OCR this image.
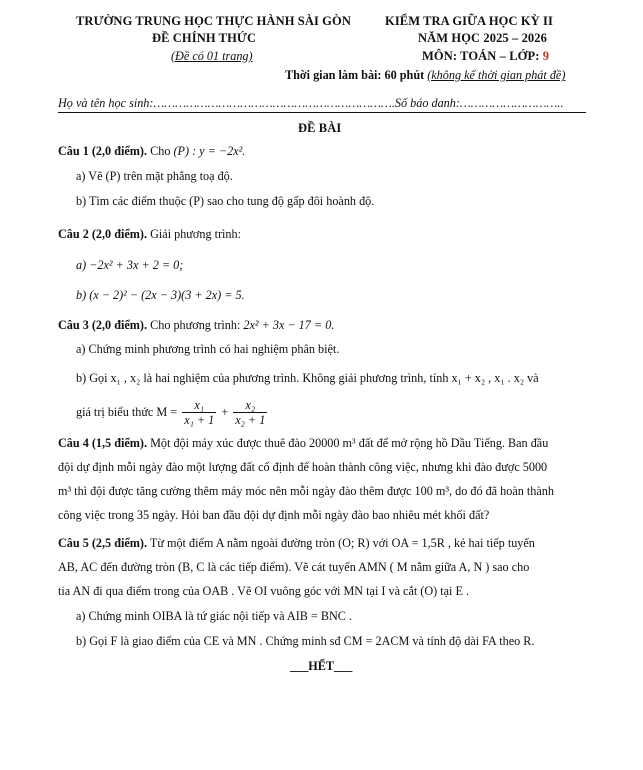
TRƯỜNG TRUNG HỌC THỰC HÀNH SÀI GÒN
ĐỀ CHÍNH THỨC
(Đề có 01 trang)
KIỂM TRA GIỮA HỌC KỲ II
NĂM HỌC 2025 – 2026
MÔN: TOÁN – LỚP: 9
Thời gian làm bài: 60 phút (không kể thời gian phát đề)
Họ và tên học sinh:………………………………………………………….Số báo danh:………………………..
ĐỀ BÀI
Câu 1 (2,0 điểm). Cho (P) : y = −2x².
a) Vẽ (P) trên mặt phẳng toạ độ.
b) Tìm các điểm thuộc (P) sao cho tung độ gấp đôi hoành độ.
Câu 2 (2,0 điểm). Giải phương trình:
a) −2x² + 3x + 2 = 0;
b) (x − 2)² − (2x − 3)(3 + 2x) = 5.
Câu 3 (2,0 điểm). Cho phương trình: 2x² + 3x − 17 = 0.
a) Chứng minh phương trình có hai nghiệm phân biệt.
b) Gọi x₁ , x₂ là hai nghiệm của phương trình. Không giải phương trình, tính x₁ + x₂ , x₁ . x₂ và
giá trị biểu thức $M = \frac{\text{x₁}}{\text{x₁ + 1}} + \frac{\text{x₂}}{\text{x₂ + 1}}$
Câu 4 (1,5 điểm). Một đội máy xúc được thuê đào 20000 m³ đất để mở rộng hồ Dầu Tiếng. Ban đầu
đội dự định mỗi ngày đào một lượng đất cố định để hoàn thành công việc, nhưng khi đào được 5000
m³ thì đội được tăng cường thêm máy móc nên mỗi ngày đào thêm được 100 m³, do đó đã hoàn thành
công việc trong 35 ngày. Hỏi ban đầu đội dự định mỗi ngày đào bao nhiêu mét khối đất?
Câu 5 (2,5 điểm). Từ một điểm A nằm ngoài đường tròn (O; R) với OA = 1,5R , kẻ hai tiếp tuyến
AB, AC đến đường tròn (B, C là các tiếp điểm). Vẽ cát tuyến AMN ( M nằm giữa A, N ) sao cho
tia AN đi qua điểm trong của OAB . Vẽ OI vuông góc với MN tại I và cắt (O) tại E .
a) Chứng minh OIBA là tứ giác nội tiếp và AIB = BNC .
b) Gọi F là giao điểm của CE và MN . Chứng minh sđ CM = 2ACM và tính độ dài FA theo R.
___HẾT___
